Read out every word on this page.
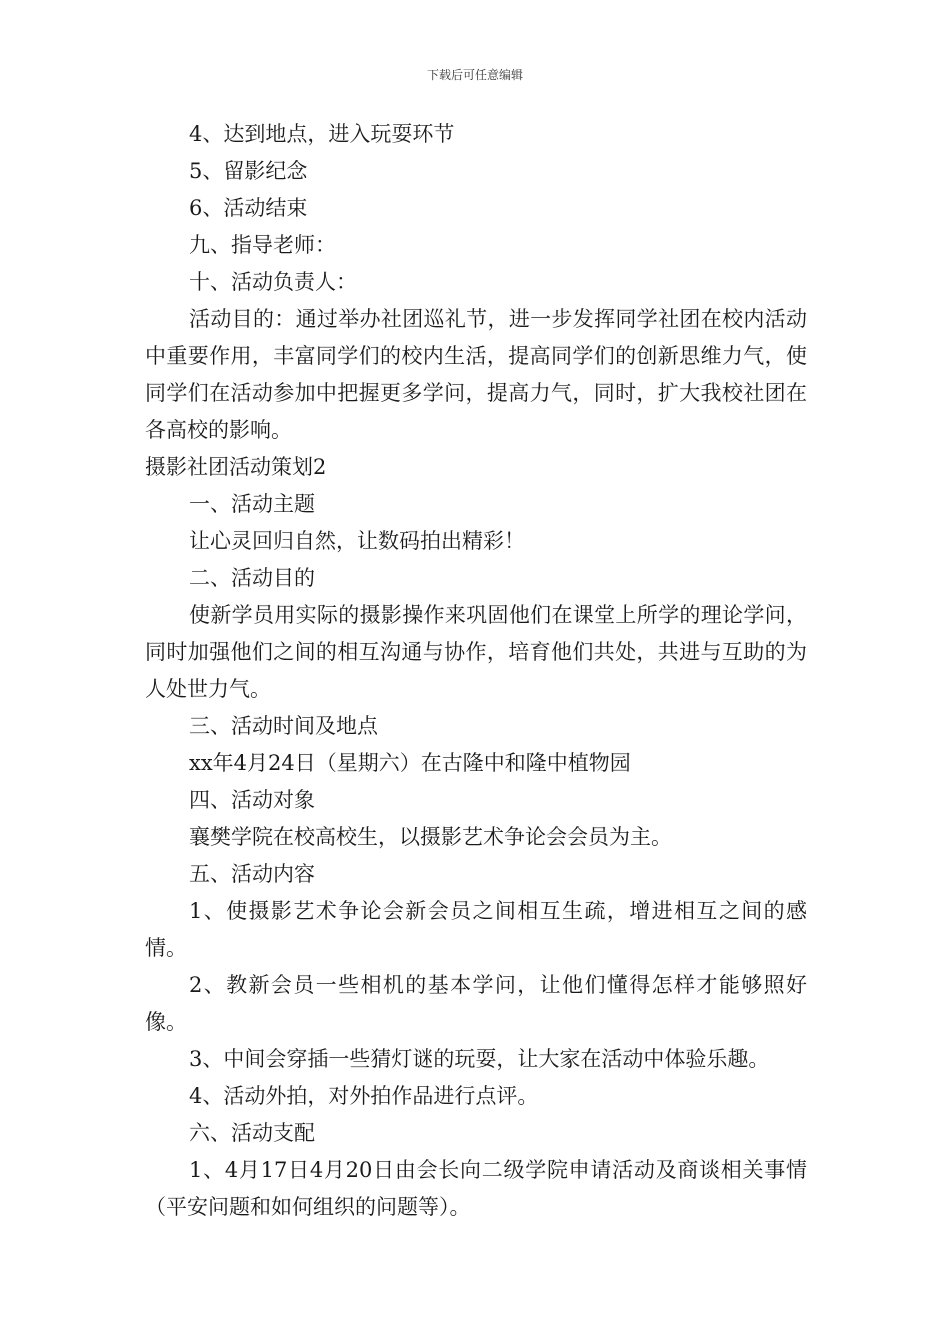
下载后可任意编辑

4、达到地点，进入玩耍环节

5、留影纪念

6、活动结束

九、指导老师：

十、活动负责人：

活动目的：通过举办社团巡礼节，进一步发挥同学社团在校内活动中重要作用，丰富同学们的校内生活，提高同学们的创新思维力气，使同学们在活动参加中把握更多学问，提高力气，同时，扩大我校社团在各高校的影响。

摄影社团活动策划2

一、活动主题

让心灵回归自然，让数码拍出精彩！

二、活动目的

使新学员用实际的摄影操作来巩固他们在课堂上所学的理论学问，同时加强他们之间的相互沟通与协作，培育他们共处，共进与互助的为人处世力气。

三、活动时间及地点

xx年4月24日（星期六）在古隆中和隆中植物园

四、活动对象

襄樊学院在校高校生，以摄影艺术争论会会员为主。

五、活动内容

1、使摄影艺术争论会新会员之间相互生疏，增进相互之间的感情。

2、教新会员一些相机的基本学问，让他们懂得怎样才能够照好像。

3、中间会穿插一些猜灯谜的玩耍，让大家在活动中体验乐趣。

4、活动外拍，对外拍作品进行点评。

六、活动支配

1、4月17日4月20日由会长向二级学院申请活动及商谈相关事情（平安问题和如何组织的问题等）。
